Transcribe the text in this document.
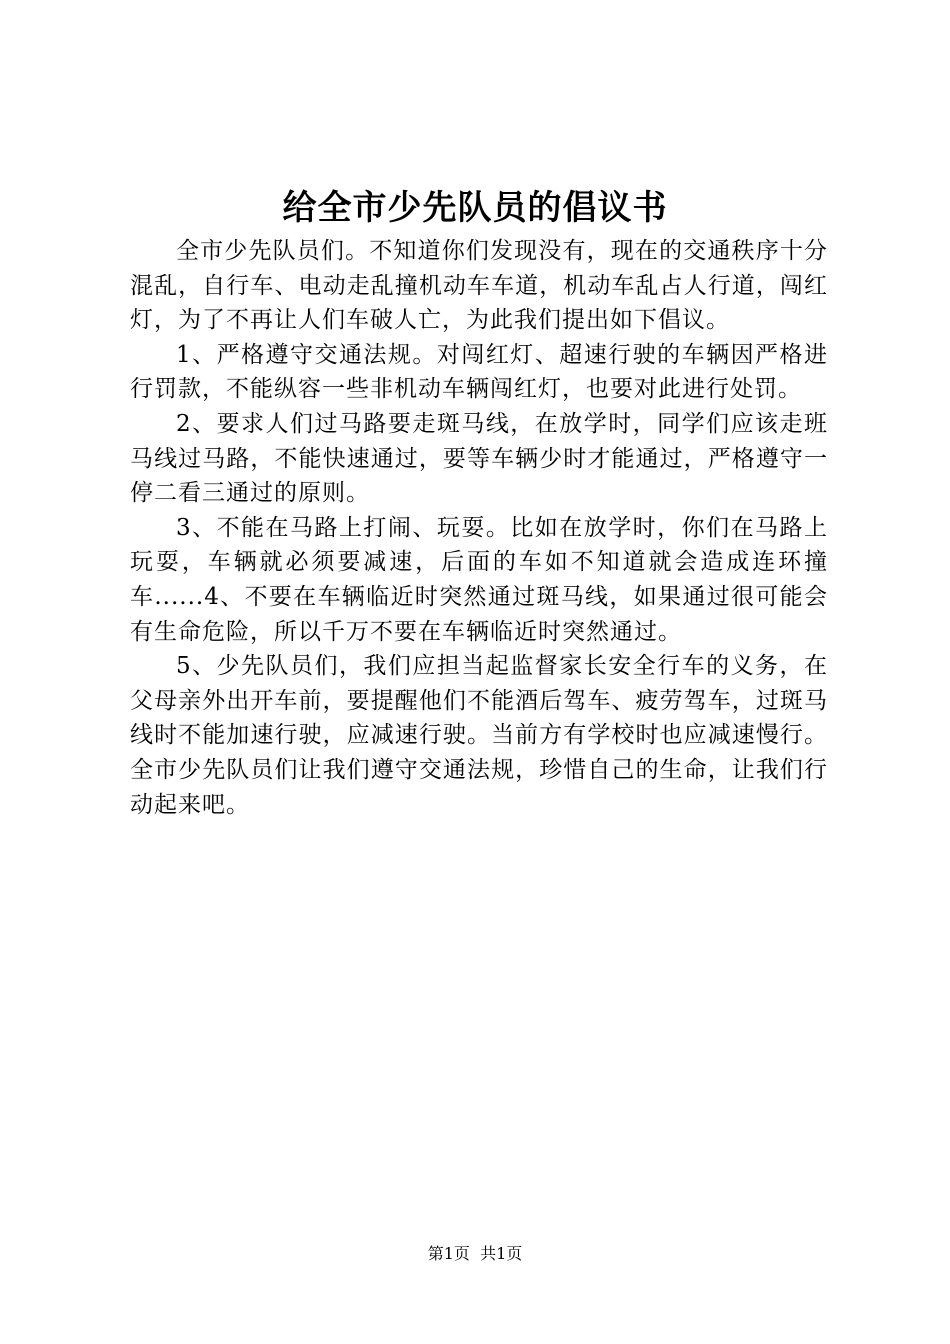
给全市少先队员的倡议书

全市少先队员们。不知道你们发现没有，现在的交通秩序十分混乱，自行车、电动走乱撞机动车车道，机动车乱占人行道，闯红灯，为了不再让人们车破人亡，为此我们提出如下倡议。

1、严格遵守交通法规。对闯红灯、超速行驶的车辆因严格进行罚款，不能纵容一些非机动车辆闯红灯，也要对此进行处罚。

2、要求人们过马路要走斑马线，在放学时，同学们应该走班马线过马路，不能快速通过，要等车辆少时才能通过，严格遵守一停二看三通过的原则。

3、不能在马路上打闹、玩耍。比如在放学时，你们在马路上玩耍，车辆就必须要减速，后面的车如不知道就会造成连环撞车......4、不要在车辆临近时突然通过斑马线，如果通过很可能会有生命危险，所以千万不要在车辆临近时突然通过。

5、少先队员们，我们应担当起监督家长安全行车的义务，在父母亲外出开车前，要提醒他们不能酒后驾车、疲劳驾车，过斑马线时不能加速行驶，应减速行驶。当前方有学校时也应减速慢行。全市少先队员们让我们遵守交通法规，珍惜自己的生命，让我们行动起来吧。

第1页 共1页
